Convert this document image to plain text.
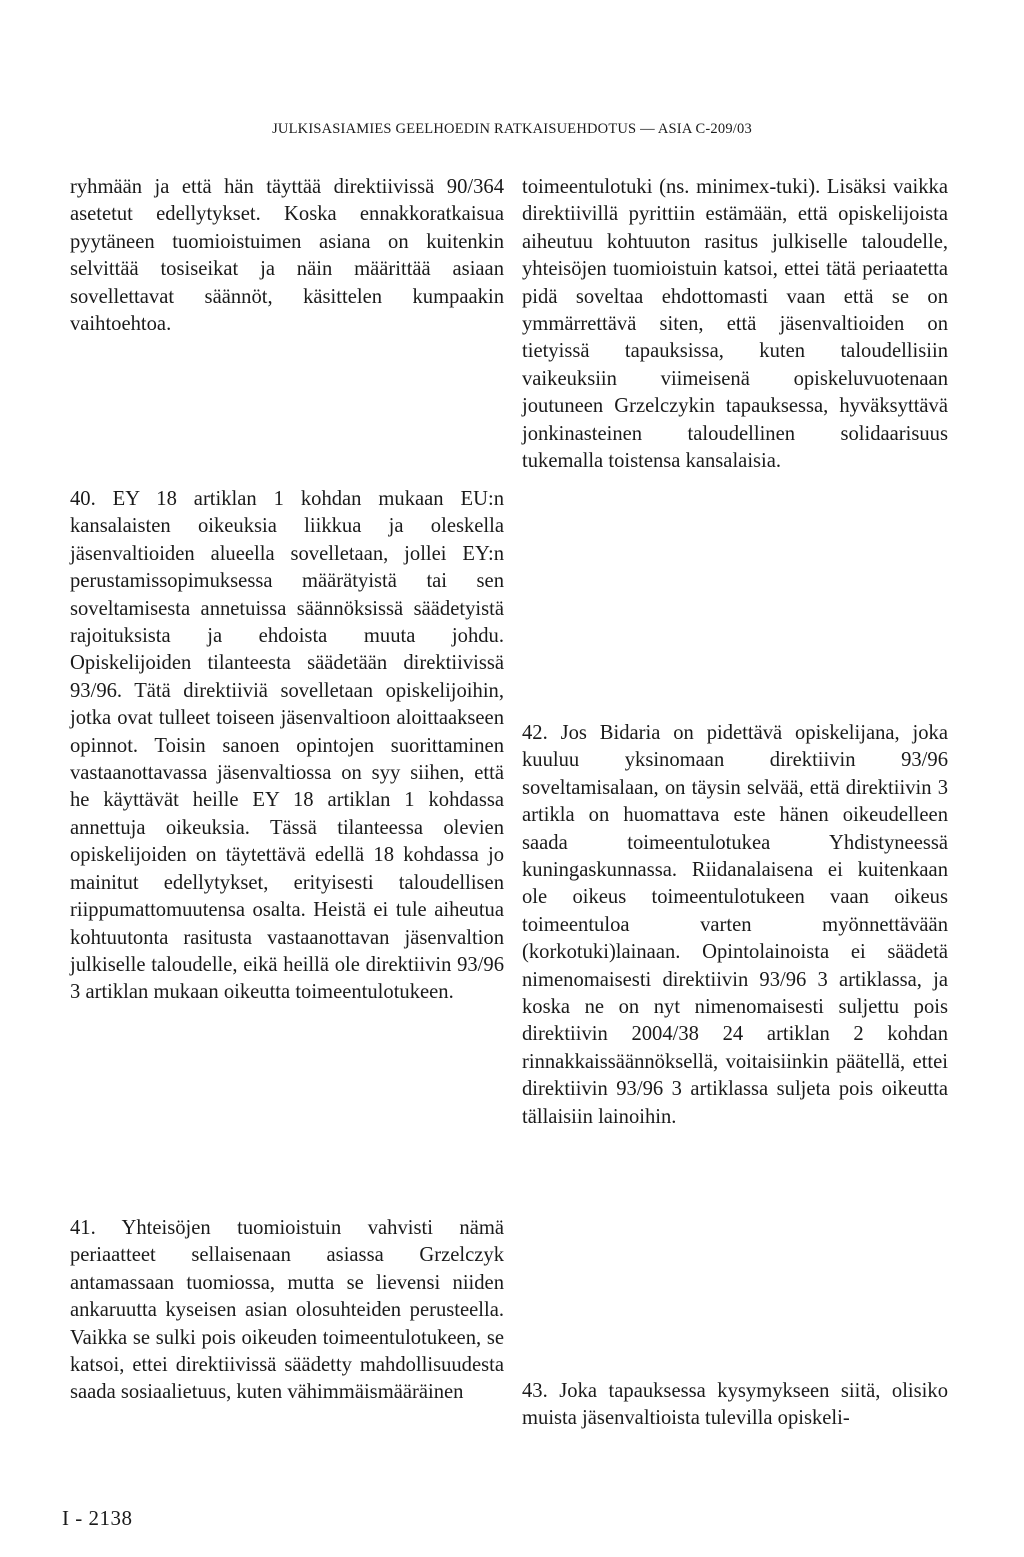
JULKISASIAMIES GEELHOEDIN RATKAISUEHDOTUS — ASIA C-209/03

ryhmään ja että hän täyttää direktiivissä 90/364 asetetut edellytykset. Koska ennakkoratkaisua pyytäneen tuomioistuimen asiana on kuitenkin selvittää tosiseikat ja näin määrittää asiaan sovellettavat säännöt, käsittelen kumpaakin vaihtoehtoa.

40. EY 18 artiklan 1 kohdan mukaan EU:n kansalaisten oikeuksia liikkua ja oleskella jäsenvaltioiden alueella sovelletaan, jollei EY:n perustamissopimuksessa määrätyistä tai sen soveltamisesta annetuissa säännöksissä säädetyistä rajoituksista ja ehdoista muuta johdu. Opiskelijoiden tilanteesta säädetään direktiivissä 93/96. Tätä direktiiviä sovelletaan opiskelijoihin, jotka ovat tulleet toiseen jäsenvaltioon aloittaakseen opinnot. Toisin sanoen opintojen suorittaminen vastaanottavassa jäsenvaltiossa on syy siihen, että he käyttävät heille EY 18 artiklan 1 kohdassa annettuja oikeuksia. Tässä tilanteessa olevien opiskelijoiden on täytettävä edellä 18 kohdassa jo mainitut edellytykset, erityisesti taloudellisen riippumattomuutensa osalta. Heistä ei tule aiheutua kohtuutonta rasitusta vastaanottavan jäsenvaltion julkiselle taloudelle, eikä heillä ole direktiivin 93/96 3 artiklan mukaan oikeutta toimeentulotukeen.

41. Yhteisöjen tuomioistuin vahvisti nämä periaatteet sellaisenaan asiassa Grzelczyk antamassaan tuomiossa, mutta se lievensi niiden ankaruutta kyseisen asian olosuhteiden perusteella. Vaikka se sulki pois oikeuden toimeentulotukeen, se katsoi, ettei direktiivissä säädetty mahdollisuudesta saada sosiaalietuus, kuten vähimmäismääräinen

toimeentulotuki (ns. minimex-tuki). Lisäksi vaikka direktiivillä pyrittiin estämään, että opiskelijoista aiheutuu kohtuuton rasitus julkiselle taloudelle, yhteisöjen tuomioistuin katsoi, ettei tätä periaatetta pidä soveltaa ehdottomasti vaan että se on ymmärrettävä siten, että jäsenvaltioiden on tietyissä tapauksissa, kuten taloudellisiin vaikeuksiin viimeisenä opiskeluvuotenaan joutuneen Grzelczykin tapauksessa, hyväksyttävä jonkinasteinen taloudellinen solidaarisuus tukemalla toistensa kansalaisia.

42. Jos Bidaria on pidettävä opiskelijana, joka kuuluu yksinomaan direktiivin 93/96 soveltamisalaan, on täysin selvää, että direktiivin 3 artikla on huomattava este hänen oikeudelleen saada toimeentulotukea Yhdistyneessä kuningaskunnassa. Riidanalaisena ei kuitenkaan ole oikeus toimeentulotukeen vaan oikeus toimeentuloa varten myönnettävään (korkotuki)lainaan. Opintolainoista ei säädetä nimenomaisesti direktiivin 93/96 3 artiklassa, ja koska ne on nyt nimenomaisesti suljettu pois direktiivin 2004/38 24 artiklan 2 kohdan rinnakkaissäännöksellä, voitaisiinkin päätellä, ettei direktiivin 93/96 3 artiklassa suljeta pois oikeutta tällaisiin lainoihin.

43. Joka tapauksessa kysymykseen siitä, olisiko muista jäsenvaltioista tulevilla opiskeli-

I - 2138
